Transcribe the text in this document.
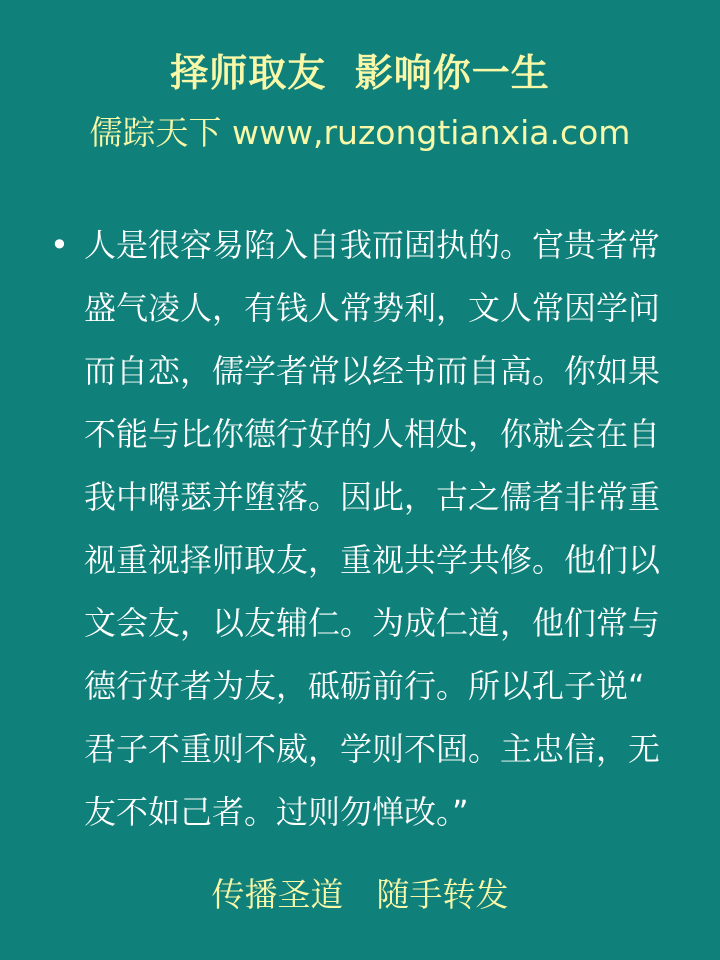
择师取友  影响你一生
儒踪天下 www,ruzongtianxia.com
• 人是很容易陷入自我而固执的。官贵者常
盛气凌人，有钱人常势利，文人常因学问
而自恋，儒学者常以经书而自高。你如果
不能与比你德行好的人相处，你就会在自
我中嘚瑟并堕落。因此，古之儒者非常重
视重视择师取友，重视共学共修。他们以
文会友，以友辅仁。为成仁道，他们常与
德行好者为友，砥砺前行。所以孔子说“
君子不重则不威，学则不固。主忠信，无
友不如己者。过则勿惮改。”
传播圣道　随手转发
